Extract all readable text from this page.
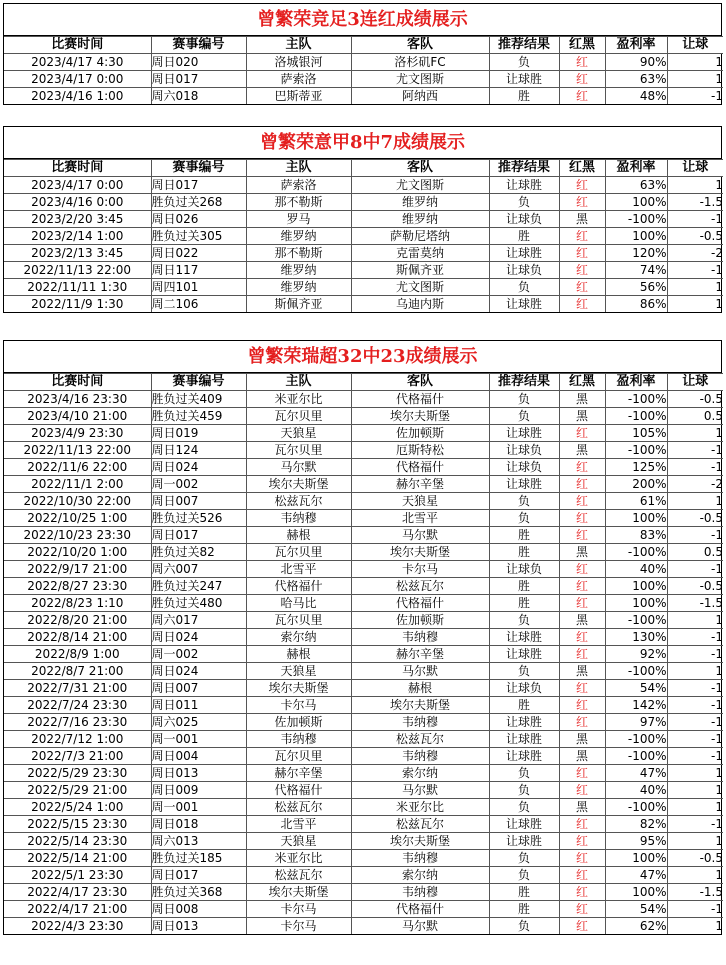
曾繁荣竞足3连红成绩展示
比赛时间	赛事编号	主队	客队	推荐结果	红黑	盈利率	让球
2023/4/17 4:30	周日020	洛城银河	洛杉矶FC	负	红	90%	1
2023/4/17 0:00	周日017	萨索洛	尤文图斯	让球胜	红	63%	1
2023/4/16 1:00	周六018	巴斯蒂亚	阿纳西	胜	红	48%	-1
曾繁荣意甲8中7成绩展示
比赛时间	赛事编号	主队	客队	推荐结果	红黑	盈利率	让球
2023/4/17 0:00	周日017	萨索洛	尤文图斯	让球胜	红	63%	1
2023/4/16 0:00	胜负过关268	那不勒斯	维罗纳	负	红	100%	-1.5
2023/2/20 3:45	周日026	罗马	维罗纳	让球负	黑	-100%	-1
2023/2/14 1:00	胜负过关305	维罗纳	萨勒尼塔纳	胜	红	100%	-0.5
2023/2/13 3:45	周日022	那不勒斯	克雷莫纳	让球胜	红	120%	-2
2022/11/13 22:00	周日117	维罗纳	斯佩齐亚	让球负	红	74%	-1
2022/11/11 1:30	周四101	维罗纳	尤文图斯	负	红	56%	1
2022/11/9 1:30	周二106	斯佩齐亚	乌迪内斯	让球胜	红	86%	1
曾繁荣瑞超32中23成绩展示
比赛时间	赛事编号	主队	客队	推荐结果	红黑	盈利率	让球
2023/4/16 23:30	胜负过关409	米亚尔比	代格福什	负	黑	-100%	-0.5
2023/4/10 21:00	胜负过关459	瓦尔贝里	埃尔夫斯堡	负	黑	-100%	0.5
2023/4/9 23:30	周日019	天狼星	佐加顿斯	让球胜	红	105%	1
2022/11/13 22:00	周日124	瓦尔贝里	厄斯特松	让球负	黑	-100%	-1
2022/11/6 22:00	周日024	马尔默	代格福什	让球负	红	125%	-1
2022/11/1 2:00	周一002	埃尔夫斯堡	赫尔辛堡	让球胜	红	200%	-2
2022/10/30 22:00	周日007	松兹瓦尔	天狼星	负	红	61%	1
2022/10/25 1:00	胜负过关526	韦纳穆	北雪平	负	红	100%	-0.5
2022/10/23 23:30	周日017	赫根	马尔默	胜	红	83%	-1
2022/10/20 1:00	胜负过关82	瓦尔贝里	埃尔夫斯堡	胜	黑	-100%	0.5
2022/9/17 21:00	周六007	北雪平	卡尔马	让球负	红	40%	-1
2022/8/27 23:30	胜负过关247	代格福什	松兹瓦尔	胜	红	100%	-0.5
2022/8/23 1:10	胜负过关480	哈马比	代格福什	胜	红	100%	-1.5
2022/8/20 21:00	周六017	瓦尔贝里	佐加顿斯	负	黑	-100%	1
2022/8/14 21:00	周日024	索尔纳	韦纳穆	让球胜	红	130%	-1
2022/8/9 1:00	周一002	赫根	赫尔辛堡	让球胜	红	92%	-1
2022/8/7 21:00	周日024	天狼星	马尔默	负	黑	-100%	1
2022/7/31 21:00	周日007	埃尔夫斯堡	赫根	让球负	红	54%	-1
2022/7/24 23:30	周日011	卡尔马	埃尔夫斯堡	胜	红	142%	-1
2022/7/16 23:30	周六025	佐加顿斯	韦纳穆	让球胜	红	97%	-1
2022/7/12 1:00	周一001	韦纳穆	松兹瓦尔	让球胜	黑	-100%	-1
2022/7/3 21:00	周日004	瓦尔贝里	韦纳穆	让球胜	黑	-100%	-1
2022/5/29 23:30	周日013	赫尔辛堡	索尔纳	负	红	47%	1
2022/5/29 21:00	周日009	代格福什	马尔默	负	红	40%	1
2022/5/24 1:00	周一001	松兹瓦尔	米亚尔比	负	黑	-100%	1
2022/5/15 23:30	周日018	北雪平	松兹瓦尔	让球胜	红	82%	-1
2022/5/14 23:30	周六013	天狼星	埃尔夫斯堡	让球胜	红	95%	1
2022/5/14 21:00	胜负过关185	米亚尔比	韦纳穆	负	红	100%	-0.5
2022/5/1 23:30	周日017	松兹瓦尔	索尔纳	负	红	47%	1
2022/4/17 23:30	胜负过关368	埃尔夫斯堡	韦纳穆	胜	红	100%	-1.5
2022/4/17 21:00	周日008	卡尔马	代格福什	胜	红	54%	-1
2022/4/3 23:30	周日013	卡尔马	马尔默	负	红	62%	1
